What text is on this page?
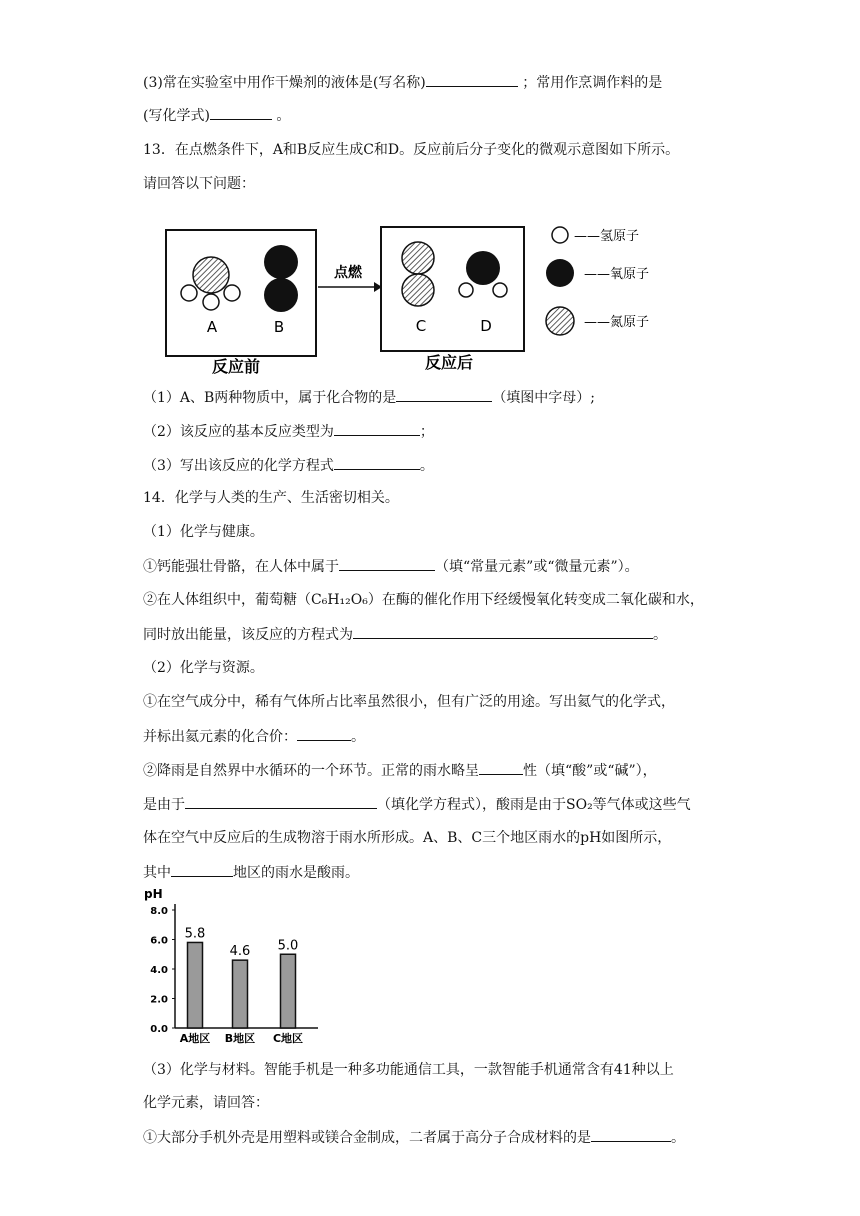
(3)常在实验室中用作干燥剂的液体是(写名称)	；常用作烹调作料的是
(写化学式)	。
13．在点燃条件下，A和B反应生成C和D。反应前后分子变化的微观示意图如下所示。
请回答以下问题：
A	B
反应前
点燃
C	D
反应后
——氢原子
——氧原子
——氮原子
（1）A、B两种物质中，属于化合物的是	（填图中字母）;
（2）该反应的基本反应类型为	；
（3）写出该反应的化学方程式	。
14．化学与人类的生产、生活密切相关。
（1）化学与健康。
①钙能强壮骨骼，在人体中属于	（填“常量元素”或“微量元素”）。
②在人体组织中，葡萄糖（C₆H₁₂O₆）在酶的催化作用下经缓慢氧化转变成二氧化碳和水，
同时放出能量，该反应的方程式为	。
（2）化学与资源。
①在空气成分中，稀有气体所占比率虽然很小，但有广泛的用途。写出氦气的化学式，
并标出氦元素的化合价：	。
②降雨是自然界中水循环的一个环节。正常的雨水略呈	性（填“酸”或“碱”），
是由于	（填化学方程式），酸雨是由于SO₂等气体或这些气
体在空气中反应后的生成物溶于雨水所形成。A、B、C三个地区雨水的pH如图所示，
其中	地区的雨水是酸雨。
pH
8.0
6.0
4.0
2.0
0.0
5.8
A地区
4.6
B地区
5.0
C地区
（3）化学与材料。智能手机是一种多功能通信工具，一款智能手机通常含有41种以上
化学元素，请回答：
①大部分手机外壳是用塑料或镁合金制成，二者属于高分子合成材料的是	。
